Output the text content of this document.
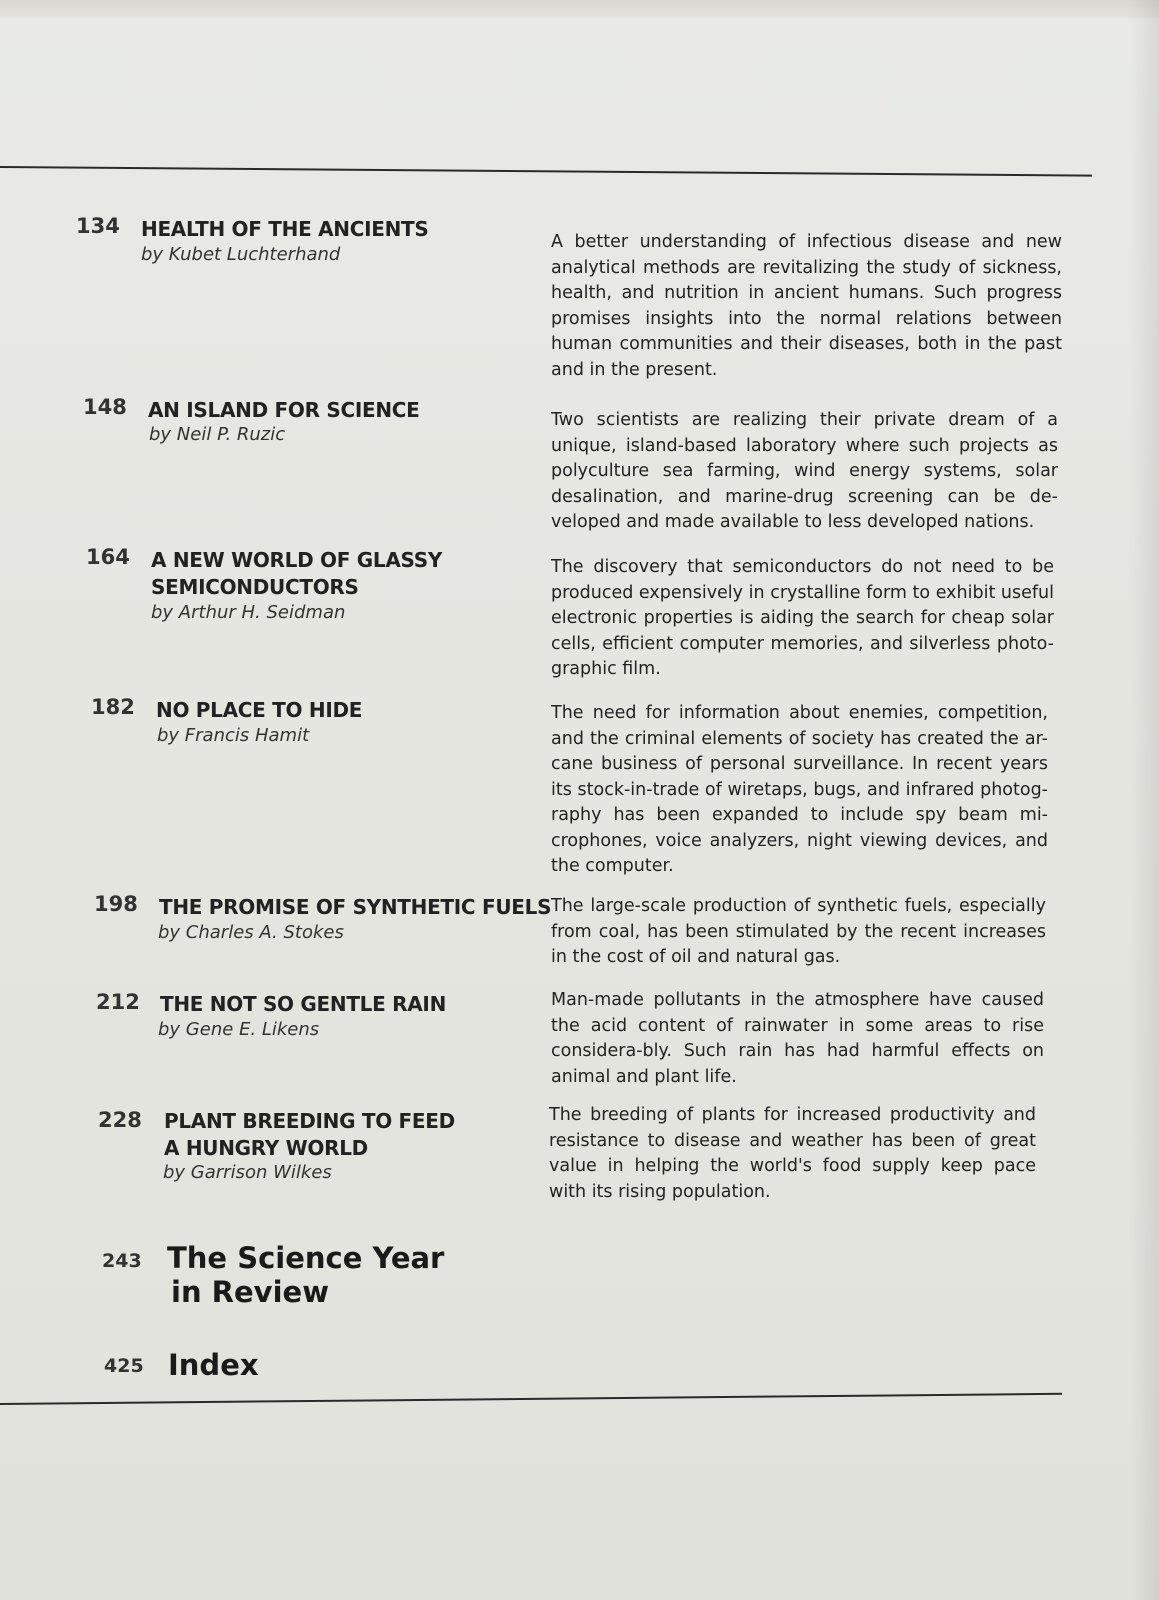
134 HEALTH OF THE ANCIENTS
by Kubet Luchterhand
A better understanding of infectious disease and new analytical methods are revitalizing the study of sickness, health, and nutrition in ancient humans. Such progress promises insights into the normal relations between human communities and their diseases, both in the past and in the present.
148 AN ISLAND FOR SCIENCE
by Neil P. Ruzic
Two scientists are realizing their private dream of a unique, island-based laboratory where such projects as polyculture sea farming, wind energy systems, solar desalination, and marine-drug screening can be de-veloped and made available to less developed nations.
164 A NEW WORLD OF GLASSY
SEMICONDUCTORS
by Arthur H. Seidman
The discovery that semiconductors do not need to be produced expensively in crystalline form to exhibit useful electronic properties is aiding the search for cheap solar cells, efficient computer memories, and silverless photo-graphic film.
182 NO PLACE TO HIDE
by Francis Hamit
The need for information about enemies, competition, and the criminal elements of society has created the ar-cane business of personal surveillance. In recent years its stock-in-trade of wiretaps, bugs, and infrared photog-raphy has been expanded to include spy beam mi-crophones, voice analyzers, night viewing devices, and the computer.
198 THE PROMISE OF SYNTHETIC FUELS
by Charles A. Stokes
The large-scale production of synthetic fuels, especially from coal, has been stimulated by the recent increases in the cost of oil and natural gas.
212 THE NOT SO GENTLE RAIN
by Gene E. Likens
Man-made pollutants in the atmosphere have caused the acid content of rainwater in some areas to rise considera-bly. Such rain has had harmful effects on animal and plant life.
228 PLANT BREEDING TO FEED
A HUNGRY WORLD
by Garrison Wilkes
The breeding of plants for increased productivity and resistance to disease and weather has been of great value in helping the world's food supply keep pace with its rising population.
243 The Science Year
in Review
425 Index
